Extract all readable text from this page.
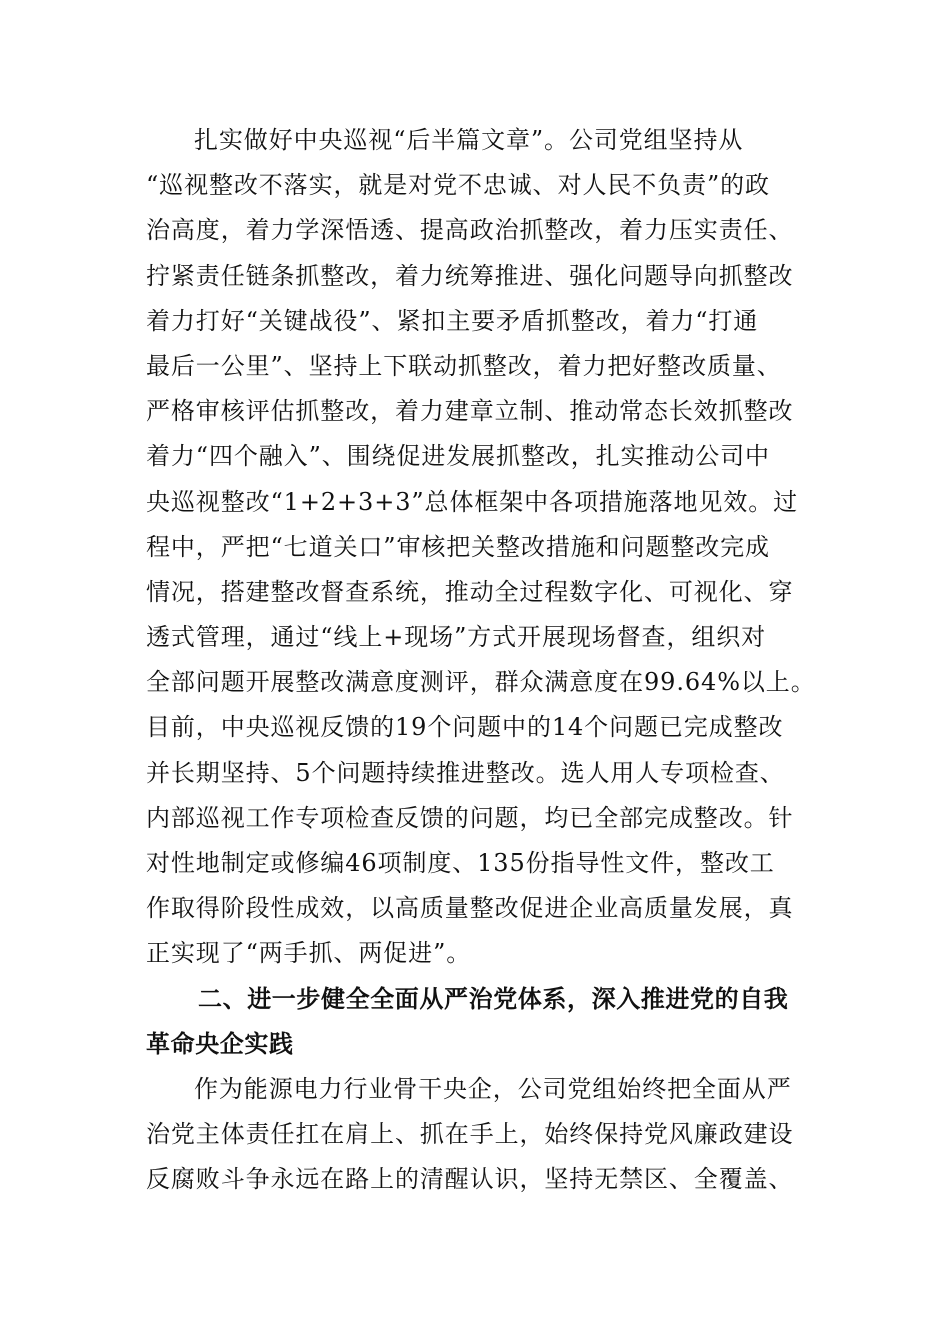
扎实做好中央巡视“后半篇文章”。公司党组坚持从
“巡视整改不落实，就是对党不忠诚、对人民不负责”的政
治高度，着力学深悟透、提高政治抓整改，着力压实责任、
拧紧责任链条抓整改，着力统筹推进、强化问题导向抓整改
着力打好“关键战役”、紧扣主要矛盾抓整改，着力“打通
最后一公里”、坚持上下联动抓整改，着力把好整改质量、
严格审核评估抓整改，着力建章立制、推动常态长效抓整改
着力“四个融入”、围绕促进发展抓整改，扎实推动公司中
央巡视整改“1+2+3+3”总体框架中各项措施落地见效。过
程中，严把“七道关口”审核把关整改措施和问题整改完成
情况，搭建整改督查系统，推动全过程数字化、可视化、穿
透式管理，通过“线上+现场”方式开展现场督查，组织对
全部问题开展整改满意度测评，群众满意度在99.64%以上。
目前，中央巡视反馈的19个问题中的14个问题已完成整改
并长期坚持、5个问题持续推进整改。选人用人专项检查、
内部巡视工作专项检查反馈的问题，均已全部完成整改。针
对性地制定或修编46项制度、135份指导性文件，整改工
作取得阶段性成效，以高质量整改促进企业高质量发展，真
正实现了“两手抓、两促进”。
二、进一步健全全面从严治党体系，深入推进党的自我
革命央企实践
作为能源电力行业骨干央企，公司党组始终把全面从严
治党主体责任扛在肩上、抓在手上，始终保持党风廉政建设
反腐败斗争永远在路上的清醒认识，坚持无禁区、全覆盖、
